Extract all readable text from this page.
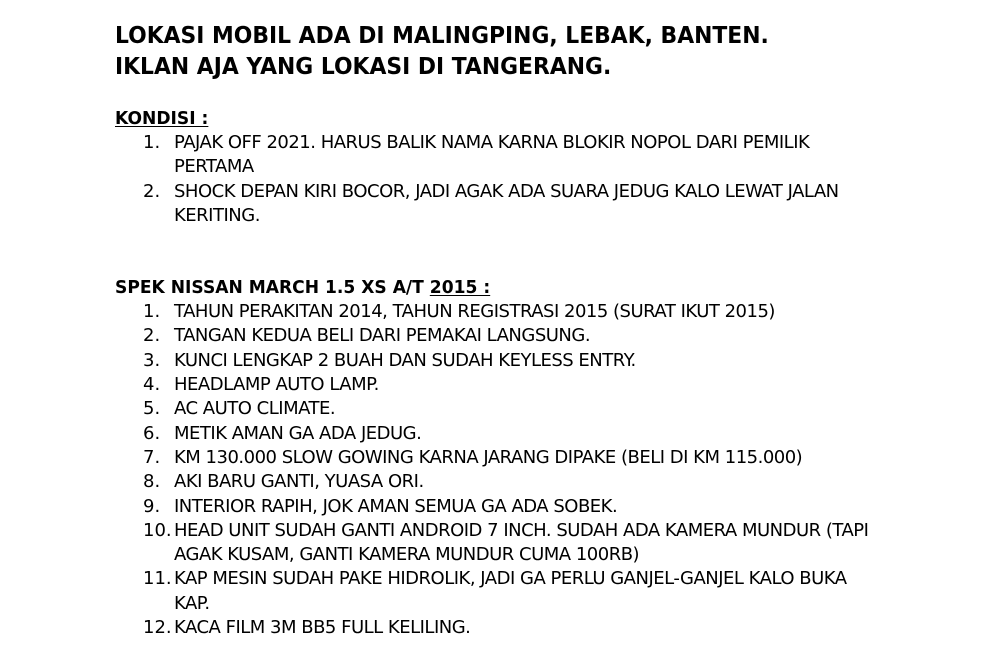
LOKASI MOBIL ADA DI MALINGPING, LEBAK, BANTEN.
IKLAN AJA YANG LOKASI DI TANGERANG.
KONDISI :
1. PAJAK OFF 2021. HARUS BALIK NAMA KARNA BLOKIR NOPOL DARI PEMILIK PERTAMA
2. SHOCK DEPAN KIRI BOCOR, JADI AGAK ADA SUARA JEDUG KALO LEWAT JALAN KERITING.
SPEK NISSAN MARCH 1.5 XS A/T 2015 :
1. TAHUN PERAKITAN 2014, TAHUN REGISTRASI 2015 (SURAT IKUT 2015)
2. TANGAN KEDUA BELI DARI PEMAKAI LANGSUNG.
3. KUNCI LENGKAP 2 BUAH DAN SUDAH KEYLESS ENTRY.
4. HEADLAMP AUTO LAMP.
5. AC AUTO CLIMATE.
6. METIK AMAN GA ADA JEDUG.
7. KM 130.000 SLOW GOWING KARNA JARANG DIPAKE (BELI DI KM 115.000)
8. AKI BARU GANTI, YUASA ORI.
9. INTERIOR RAPIH, JOK AMAN SEMUA GA ADA SOBEK.
10. HEAD UNIT SUDAH GANTI ANDROID 7 INCH. SUDAH ADA KAMERA MUNDUR (TAPI AGAK KUSAM, GANTI KAMERA MUNDUR CUMA 100RB)
11. KAP MESIN SUDAH PAKE HIDROLIK, JADI GA PERLU GANJEL-GANJEL KALO BUKA KAP.
12. KACA FILM 3M BB5 FULL KELILING.
